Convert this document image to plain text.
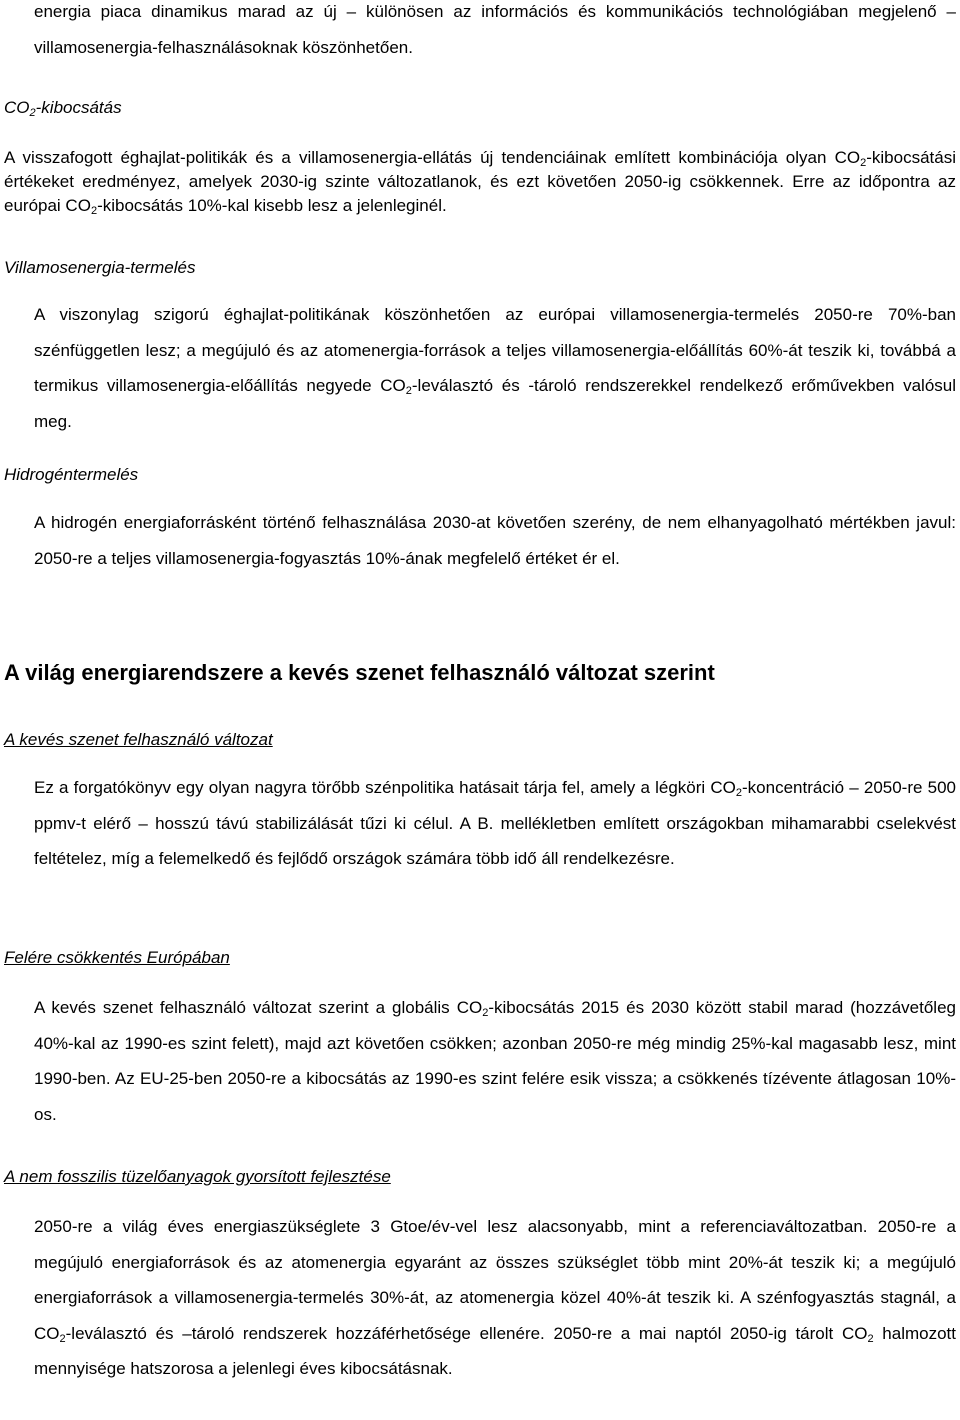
energia piaca dinamikus marad az új – különösen az információs és kommunikációs technológiában megjelenő – villamosenergia-felhasználásoknak köszönhetően.

$CO_2$-kibocsátás

A visszafogott éghajlat-politikák és a villamosenergia-ellátás új tendenciáinak említett kombinációja olyan $CO_2$-kibocsátási értékeket eredményez, amelyek 2030-ig szinte változatlanok, és ezt követően 2050-ig csökkennek. Erre az időpontra az európai $CO_2$-kibocsátás 10%-kal kisebb lesz a jelenleginél.

Villamosenergia-termelés

A viszonylag szigorú éghajlat-politikának köszönhetően az európai villamosenergia-termelés 2050-re 70%-ban szénfüggetlen lesz; a megújuló és az atomenergia-források a teljes villamosenergia-előállítás 60%-át teszik ki, továbbá a termikus villamosenergia-előállítás negyede $CO_2$-leválasztó és -tároló rendszerekkel rendelkező erőművekben valósul meg.

Hidrogéntermelés

A hidrogén energiaforrásként történő felhasználása 2030-at követően szerény, de nem elhanyagolható mértékben javul: 2050-re a teljes villamosenergia-fogyasztás 10%-ának megfelelő értéket ér el.

A világ energiarendszere a kevés szenet felhasználó változat szerint
A kevés szenet felhasználó változat

Ez a forgatókönyv egy olyan nagyra törőbb szénpolitika hatásait tárja fel, amely a légköri $CO_2$-koncentráció – 2050-re 500 ppmv-t elérő – hosszú távú stabilizálását tűzi ki célul. A B. mellékletben említett országokban mihamarabbi cselekvést feltételez, míg a felemelkedő és fejlődő országok számára több idő áll rendelkezésre.

Felére csökkentés Európában

A kevés szenet felhasználó változat szerint a globális $CO_2$-kibocsátás 2015 és 2030 között stabil marad (hozzávetőleg 40%-kal az 1990-es szint felett), majd azt követően csökken; azonban 2050-re még mindig 25%-kal magasabb lesz, mint 1990-ben. Az EU-25-ben 2050-re a kibocsátás az 1990-es szint felére esik vissza; a csökkenés tízévente átlagosan 10%-os.

A nem fosszilis tüzelőanyagok gyorsított fejlesztése

2050-re a világ éves energiaszükséglete 3 Gtoe/év-vel lesz alacsonyabb, mint a referenciaváltozatban. 2050-re a megújuló energiaforrások és az atomenergia egyaránt az összes szükséglet több mint 20%-át teszik ki; a megújuló energiaforrások a villamosenergia-termelés 30%-át, az atomenergia közel 40%-át teszik ki. A szénfogyasztás stagnál, a $CO_2$-leválasztó és –tároló rendszerek hozzáférhetősége ellenére. 2050-re a mai naptól 2050-ig tárolt $CO_2$ halmozott mennyisége hatszorosa a jelenlegi éves kibocsátásnak.
